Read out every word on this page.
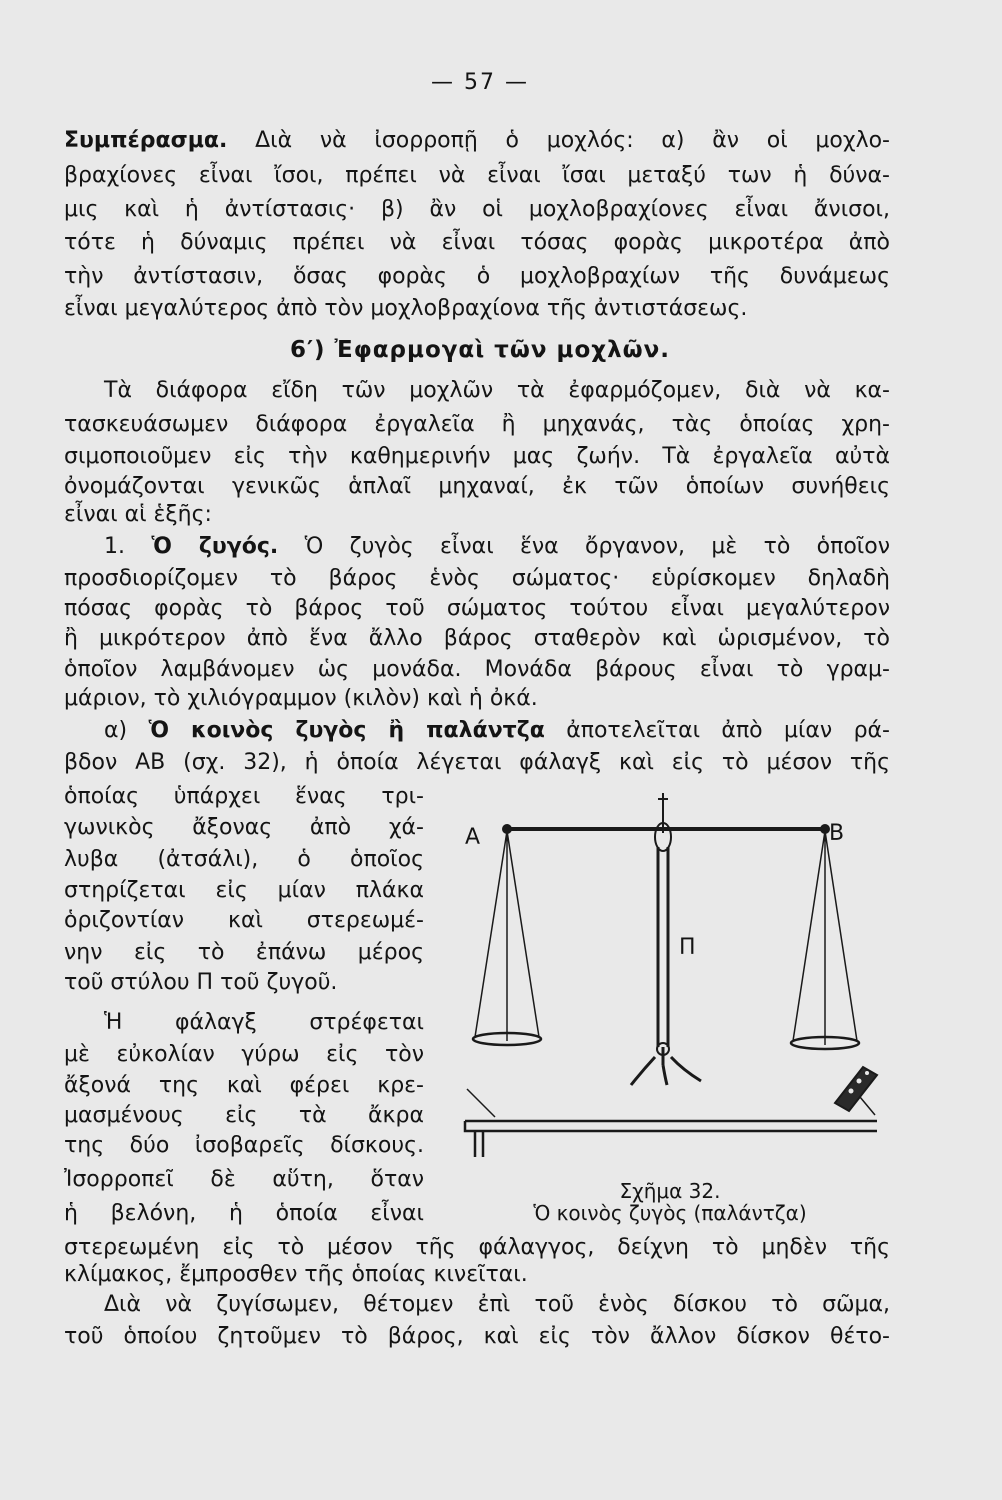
— 57 —
Συμπέρασμα. Διὰ νὰ ἰσορροπῇ ὁ μοχλός: α) ἂν οἱ μοχλο-
βραχίονες εἶναι ἴσοι, πρέπει νὰ εἶναι ἴσαι μεταξύ των ἡ δύνα-
μις καὶ ἡ ἀντίστασις· β) ἂν οἱ μοχλοβραχίονες εἶναι ἄνισοι,
τότε ἡ δύναμις πρέπει νὰ εἶναι τόσας φορὰς μικροτέρα ἀπὸ
τὴν ἀντίστασιν, ὅσας φορὰς ὁ μοχλοβραχίων τῆς δυνάμεως
εἶναι μεγαλύτερος ἀπὸ τὸν μοχλοβραχίονα τῆς ἀντιστάσεως.
6′) Ἐφαρμογαὶ τῶν μοχλῶν.
Τὰ διάφορα εἴδη τῶν μοχλῶν τὰ ἐφαρμόζομεν, διὰ νὰ κα-
τασκευάσωμεν διάφορα ἐργαλεῖα ἢ μηχανάς, τὰς ὁποίας χρη-
σιμοποιοῦμεν εἰς τὴν καθημερινήν μας ζωήν. Τὰ ἐργαλεῖα αὐτὰ
ὀνομάζονται γενικῶς ἁπλαῖ μηχαναί, ἐκ τῶν ὁποίων συνήθεις
εἶναι αἱ ἑξῆς:
1. Ὁ ζυγός. Ὁ ζυγὸς εἶναι ἕνα ὄργανον, μὲ τὸ ὁποῖον
προσδιορίζομεν τὸ βάρος ἑνὸς σώματος· εὑρίσκομεν δηλαδὴ
πόσας φορὰς τὸ βάρος τοῦ σώματος τούτου εἶναι μεγαλύτερον
ἢ μικρότερον ἀπὸ ἕνα ἄλλο βάρος σταθερὸν καὶ ὡρισμένον, τὸ
ὁποῖον λαμβάνομεν ὡς μονάδα. Μονάδα βάρους εἶναι τὸ γραμ-
μάριον, τὸ χιλιόγραμμον (κιλὸν) καὶ ἡ ὀκά.
α) Ὁ κοινὸς ζυγὸς ἢ παλάντζα ἀποτελεῖται ἀπὸ μίαν ρά-
βδον ΑΒ (σχ. 32), ἡ ὁποία λέγεται φάλαγξ καὶ εἰς τὸ μέσον τῆς
ὁποίας ὑπάρχει ἕνας τρι-
γωνικὸς ἄξονας ἀπὸ χά-
λυβα (ἀτσάλι), ὁ ὁποῖος
στηρίζεται εἰς μίαν πλάκα
ὁριζοντίαν καὶ στερεωμέ-
νην εἰς τὸ ἐπάνω μέρος
τοῦ στύλου Π τοῦ ζυγοῦ.
Ἡ φάλαγξ στρέφεται
μὲ εὐκολίαν γύρω εἰς τὸν
ἄξονά της καὶ φέρει κρε-
μασμένους εἰς τὰ ἄκρα
της δύο ἰσοβαρεῖς δίσκους.
Ἰσορροπεῖ δὲ αὕτη, ὅταν
ἡ βελόνη, ἡ ὁποία εἶναι
στερεωμένη εἰς τὸ μέσον τῆς φάλαγγος, δείχνη τὸ μηδὲν τῆς
κλίμακος, ἔμπροσθεν τῆς ὁποίας κινεῖται.
Διὰ νὰ ζυγίσωμεν, θέτομεν ἐπὶ τοῦ ἑνὸς δίσκου τὸ σῶμα,
τοῦ ὁποίου ζητοῦμεν τὸ βάρος, καὶ εἰς τὸν ἄλλον δίσκον θέτο-
Α	Β
Π
Σχῆμα 32.
Ὁ κοινὸς ζυγὸς (παλάντζα)
